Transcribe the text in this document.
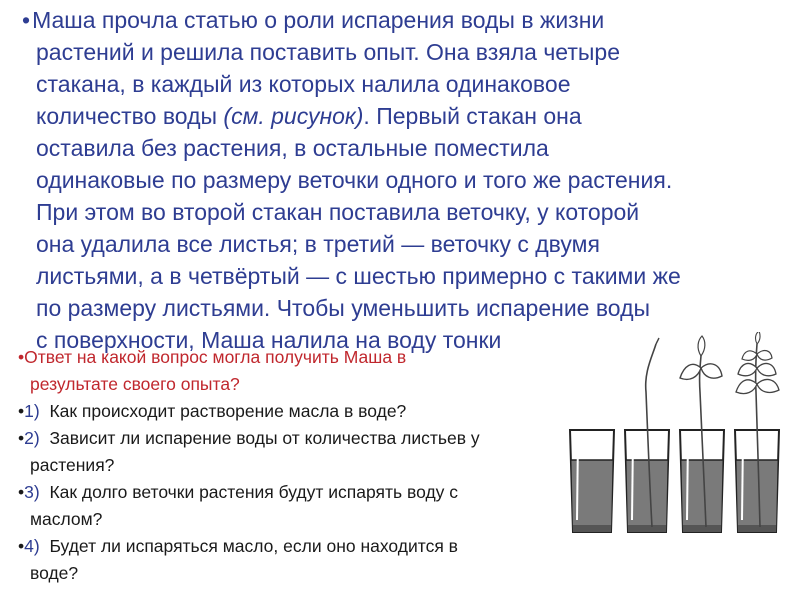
•Маша прочла статью о роли испарения воды в жизни
растений и решила поставить опыт. Она взяла четыре
стакана, в каждый из которых налила одинаковое
количество воды (см. рисунок). Первый стакан она
оставила без растения, в остальные поместила
одинаковые по размеру веточки одного и того же растения.
При этом во второй стакан поставила веточку, у которой
она удалила все листья; в третий — веточку с двумя
листьями, а в четвёртый — с шестью примерно с такими же
по размеру листьями. Чтобы уменьшить испарение воды
с поверхности, Маша налила на воду тонки
•Ответ на какой вопрос могла получить Маша в
результате своего опыта?
•1) Как происходит растворение масла в воде?
•2) Зависит ли испарение воды от количества листьев у
растения?
•3) Как долго веточки растения будут испарять воду с
маслом?
•4) Будет ли испаряться масло, если оно находится в
воде?
